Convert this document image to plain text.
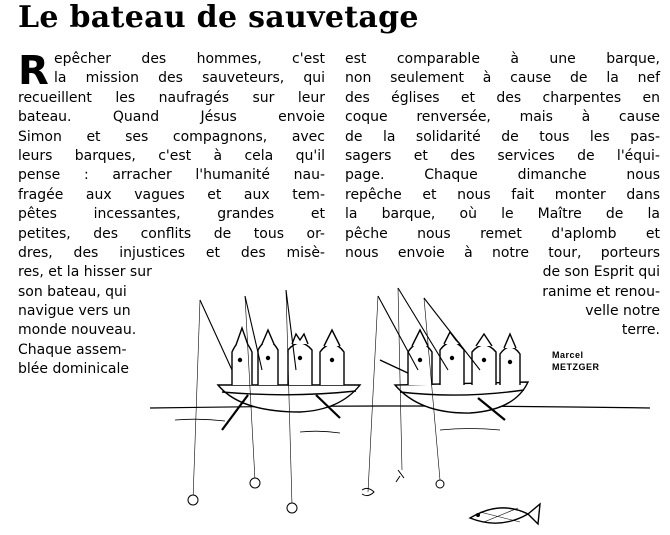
Le bateau de sauvetage
R epêcher des hommes, c'est
la mission des sauveteurs, qui
recueillent les naufragés sur leur
bateau. Quand Jésus envoie
Simon et ses compagnons, avec
leurs barques, c'est à cela qu'il
pense : arracher l'humanité nau-
fragée aux vagues et aux tem-
pêtes incessantes, grandes et
petites, des conflits de tous or-
dres, des injustices et des misè-
res, et la hisser sur
son bateau, qui
navigue vers un
monde nouveau.
Chaque assem-
blée dominicale
est comparable à une barque,
non seulement à cause de la nef
des églises et des charpentes en
coque renversée, mais à cause
de la solidarité de tous les pas-
sagers et des services de l'équi-
page. Chaque dimanche nous
repêche et nous fait monter dans
la barque, où le Maître de la
pêche nous remet d'aplomb et
nous envoie à notre tour, porteurs
de son Esprit qui
ranime et renou-
velle notre
terre.
Marcel
METZGER
